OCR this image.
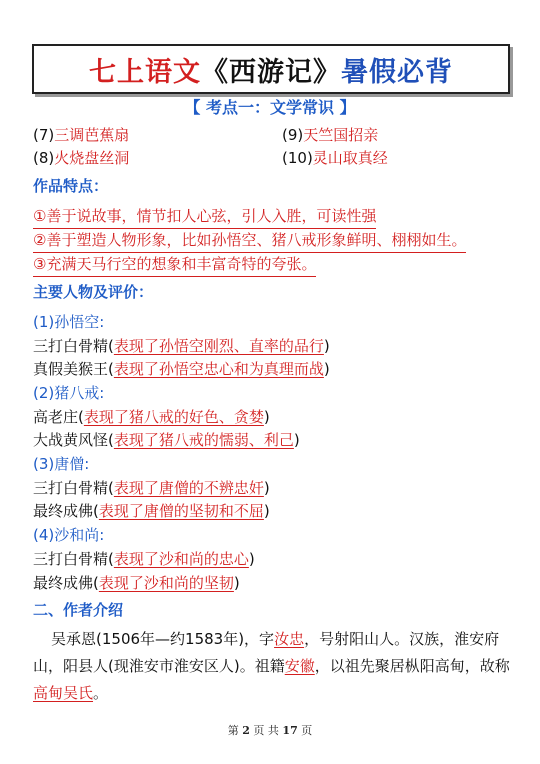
七上语文《西游记》暑假必背
【 考点一：文学常识 】
(7)三调芭蕉扇	(9)天竺国招亲
(8)火烧盘丝洞	(10)灵山取真经
作品特点：
①善于说故事，情节扣人心弦，引人入胜，可读性强
②善于塑造人物形象，比如孙悟空、猪八戒形象鲜明、栩栩如生。
③充满天马行空的想象和丰富奇特的夸张。
主要人物及评价：
(1)孙悟空:
三打白骨精(表现了孙悟空刚烈、直率的品行)
真假美猴王(表现了孙悟空忠心和为真理而战)
(2)猪八戒:
高老庄(表现了猪八戒的好色、贪婪)
大战黄风怪(表现了猪八戒的懦弱、利己)
(3)唐僧:
三打白骨精(表现了唐僧的不辨忠奸)
最终成佛(表现了唐僧的坚韧和不屈)
(4)沙和尚:
三打白骨精(表现了沙和尚的忠心)
最终成佛(表现了沙和尚的坚韧)
二、作者介绍
吴承恩(1506年—约1583年)，字汝忠，号射阳山人。汉族，淮安府山，阳县人(现淮安市淮安区人)。祖籍安徽，以祖先聚居枞阳高甸，故称高甸吴氏。
第 2 页 共 17 页
